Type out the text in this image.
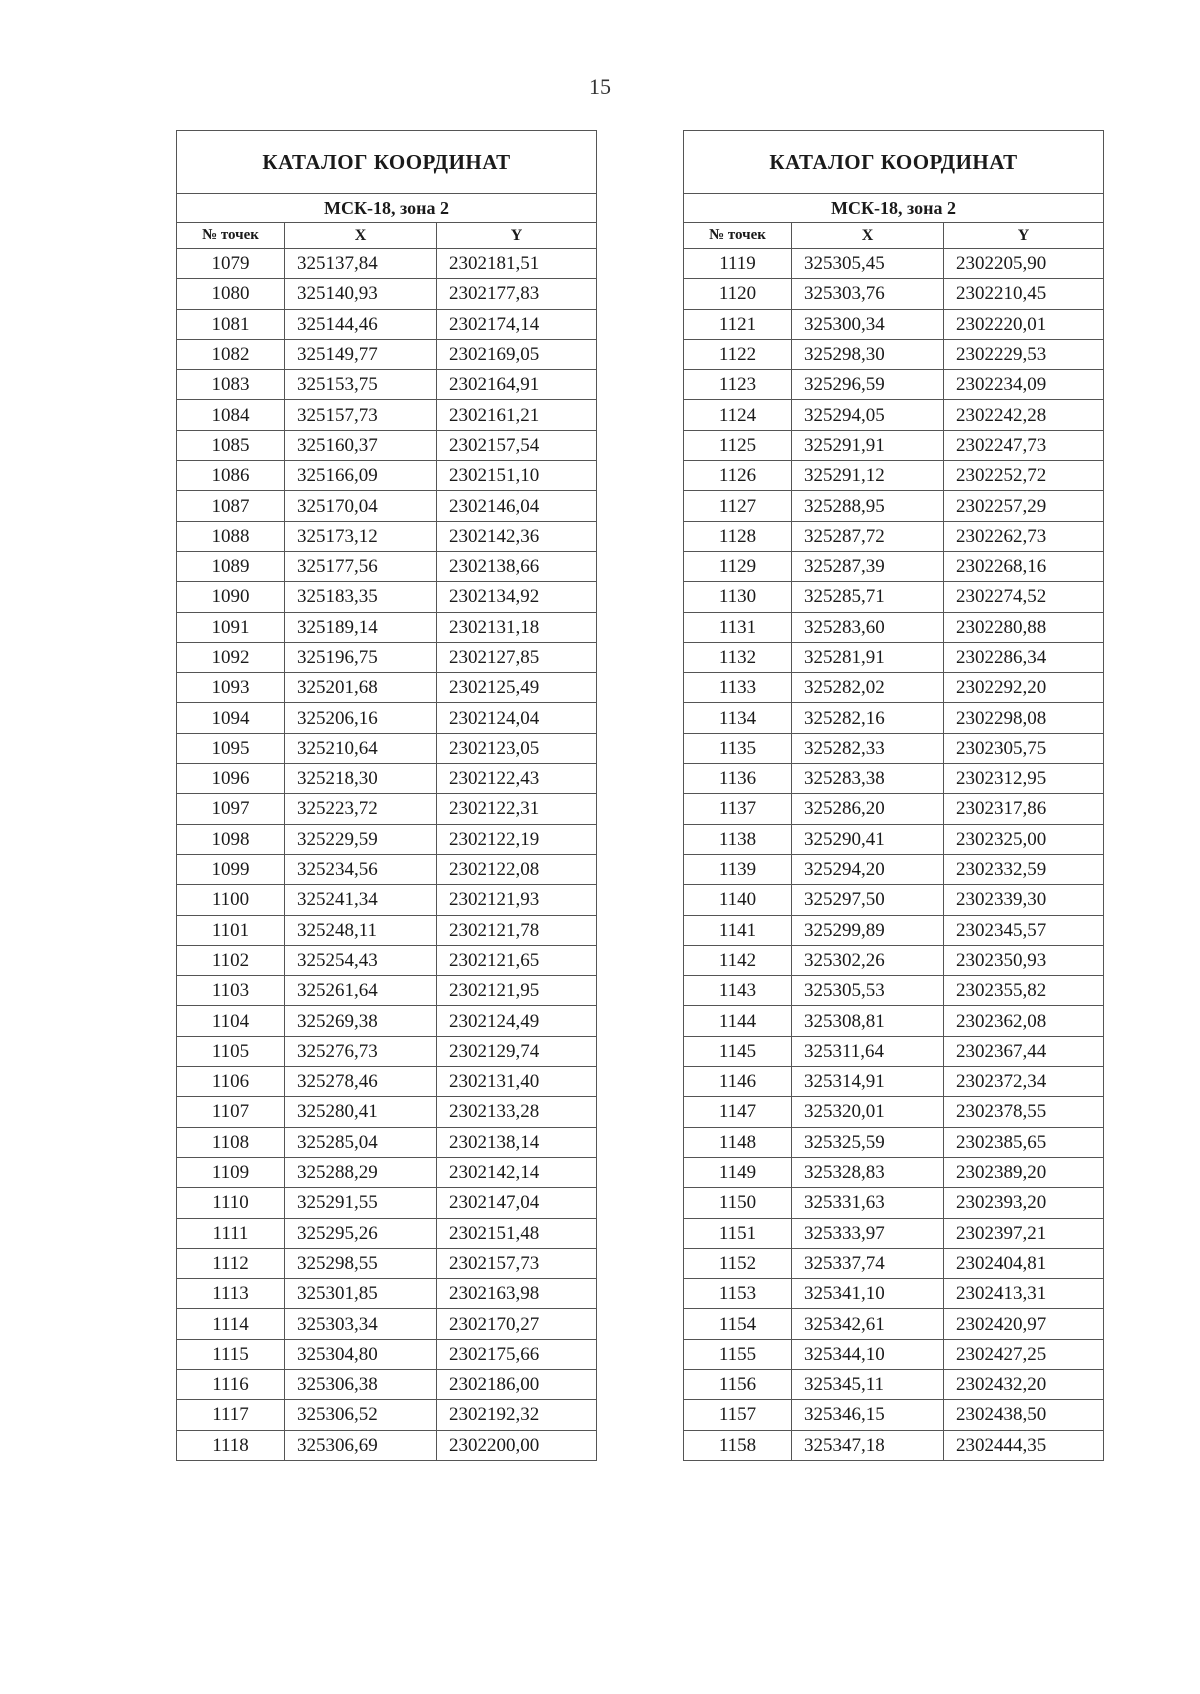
15
КАТАЛОГ КООРДИНАТ		
МСК-18, зона 2		
№ точек	X	Y
1079	325137,84	2302181,51
1080	325140,93	2302177,83
1081	325144,46	2302174,14
1082	325149,77	2302169,05
1083	325153,75	2302164,91
1084	325157,73	2302161,21
1085	325160,37	2302157,54
1086	325166,09	2302151,10
1087	325170,04	2302146,04
1088	325173,12	2302142,36
1089	325177,56	2302138,66
1090	325183,35	2302134,92
1091	325189,14	2302131,18
1092	325196,75	2302127,85
1093	325201,68	2302125,49
1094	325206,16	2302124,04
1095	325210,64	2302123,05
1096	325218,30	2302122,43
1097	325223,72	2302122,31
1098	325229,59	2302122,19
1099	325234,56	2302122,08
1100	325241,34	2302121,93
1101	325248,11	2302121,78
1102	325254,43	2302121,65
1103	325261,64	2302121,95
1104	325269,38	2302124,49
1105	325276,73	2302129,74
1106	325278,46	2302131,40
1107	325280,41	2302133,28
1108	325285,04	2302138,14
1109	325288,29	2302142,14
1110	325291,55	2302147,04
1111	325295,26	2302151,48
1112	325298,55	2302157,73
1113	325301,85	2302163,98
1114	325303,34	2302170,27
1115	325304,80	2302175,66
1116	325306,38	2302186,00
1117	325306,52	2302192,32
1118	325306,69	2302200,00
КАТАЛОГ КООРДИНАТ		
МСК-18, зона 2		
№ точек	X	Y
1119	325305,45	2302205,90
1120	325303,76	2302210,45
1121	325300,34	2302220,01
1122	325298,30	2302229,53
1123	325296,59	2302234,09
1124	325294,05	2302242,28
1125	325291,91	2302247,73
1126	325291,12	2302252,72
1127	325288,95	2302257,29
1128	325287,72	2302262,73
1129	325287,39	2302268,16
1130	325285,71	2302274,52
1131	325283,60	2302280,88
1132	325281,91	2302286,34
1133	325282,02	2302292,20
1134	325282,16	2302298,08
1135	325282,33	2302305,75
1136	325283,38	2302312,95
1137	325286,20	2302317,86
1138	325290,41	2302325,00
1139	325294,20	2302332,59
1140	325297,50	2302339,30
1141	325299,89	2302345,57
1142	325302,26	2302350,93
1143	325305,53	2302355,82
1144	325308,81	2302362,08
1145	325311,64	2302367,44
1146	325314,91	2302372,34
1147	325320,01	2302378,55
1148	325325,59	2302385,65
1149	325328,83	2302389,20
1150	325331,63	2302393,20
1151	325333,97	2302397,21
1152	325337,74	2302404,81
1153	325341,10	2302413,31
1154	325342,61	2302420,97
1155	325344,10	2302427,25
1156	325345,11	2302432,20
1157	325346,15	2302438,50
1158	325347,18	2302444,35
